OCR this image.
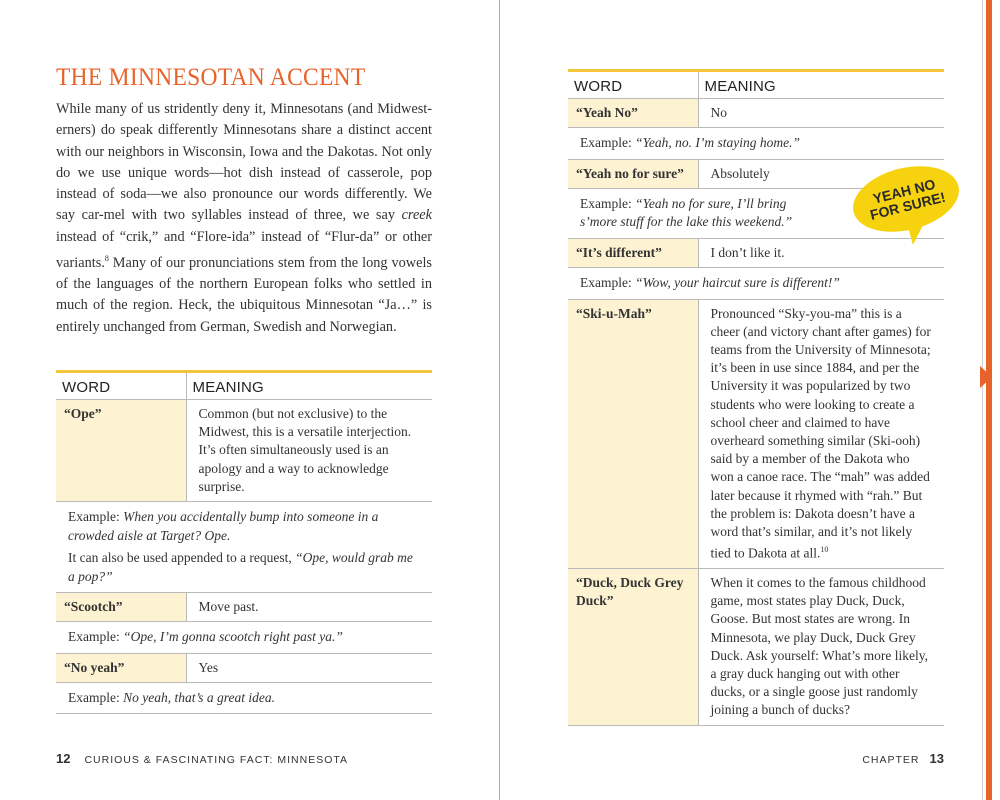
THE MINNESOTAN ACCENT

While many of us stridently deny it, Minnesotans (and Midwest-erners) do speak differently Minnesotans share a distinct accent with our neighbors in Wisconsin, Iowa and the Dakotas. Not only do we use unique words—hot dish instead of casserole, pop instead of soda—we also pronounce our words differently. We say car-mel with two syllables instead of three, we say creek instead of “crik,” and “Flore-ida” instead of “Flur-da” or other variants.$^8$ Many of our pronunciations stem from the long vowels of the languages of the northern European folks who settled in much of the region. Heck, the ubiquitous Minnesotan “Ja…” is entirely unchanged from German, Swedish and Norwegian.

WORD	MEANING
“Ope”	Common (but not exclusive) to the Midwest, this is a versatile interjection. It’s often simultaneously used is an apology and a way to acknowledge surprise.

Example: When you accidentally bump into someone in a crowded aisle at Target? Ope.

It can also be used appended to a request, “Ope, would grab me a pop?”	

“Scootch”	Move past.

Example: “Ope, I’m gonna scootch right past ya.”	

“No yeah”	Yes

Example: No yeah, that’s a great idea.	

12 CURIOUS & FASCINATING FACT: MINNESOTA
WORD	MEANING
“Yeah No”	No

Example: “Yeah, no. I’m staying home.”	

“Yeah no for sure”	Absolutely

Example: “Yeah no for sure, I’ll bring s’more stuff for the lake this weekend.”	

“It’s different”	I don’t like it.

Example: “Wow, your haircut sure is different!”	

“Ski-u-Mah”	Pronounced “Sky-you-ma” this is a cheer (and victory chant after games) for teams from the University of Minnesota; it’s been in use since 1884, and per the University it was popularized by two students who were looking to create a school cheer and claimed to have overheard something similar (Ski-ooh) said by a member of the Dakota who won a canoe race. The “mah” was added later because it rhymed with “rah.” But the problem is: Dakota doesn’t have a word that’s similar, and it’s not likely tied to Dakota at all.$^{10}$
“Duck, Duck Grey Duck”	When it comes to the famous childhood game, most states play Duck, Duck, Goose. But most states are wrong. In Minnesota, we play Duck, Duck Grey Duck. Ask yourself: What’s more likely, a gray duck hanging out with other ducks, or a single goose just randomly joining a bunch of ducks?
CHAPTER 13
YEAH NO FOR SURE!
